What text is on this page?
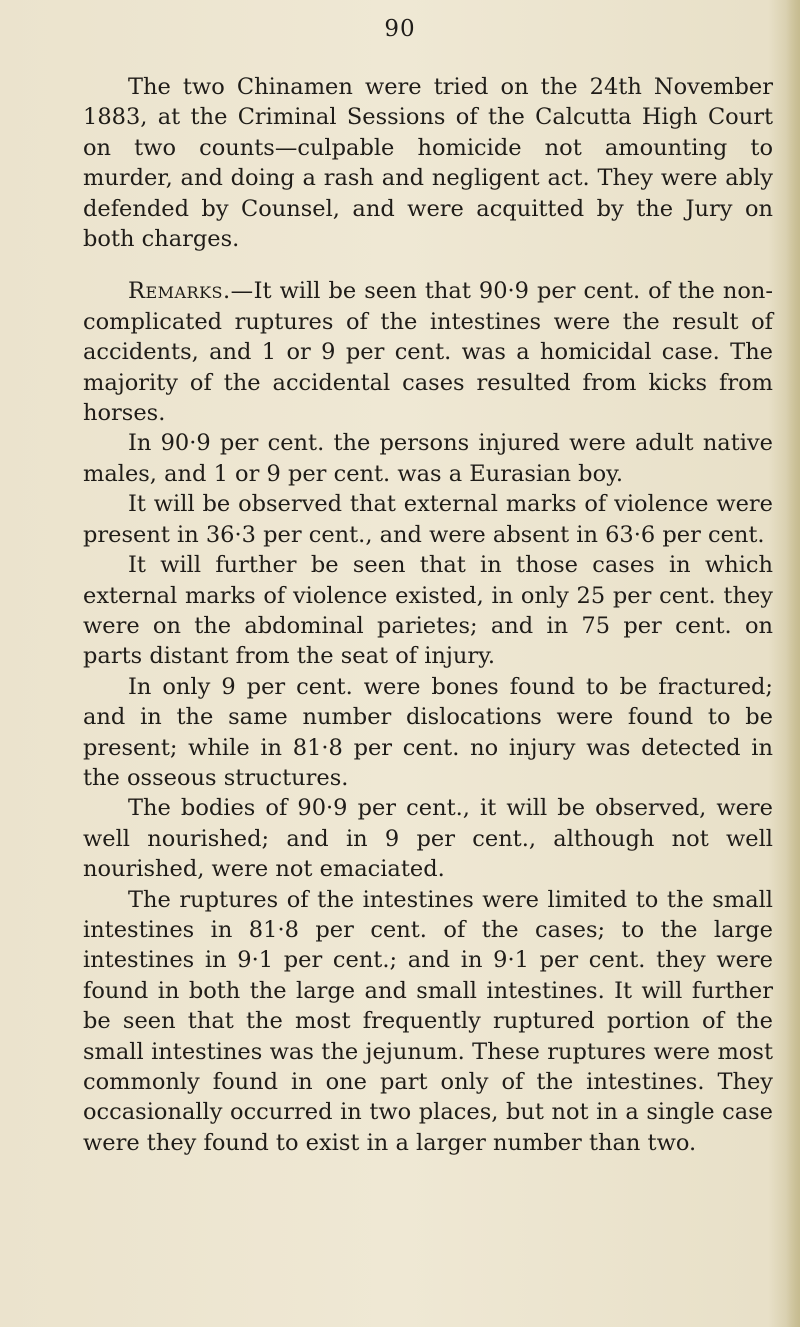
90

The two Chinamen were tried on the 24th November 1883, at the Criminal Sessions of the Calcutta High Court on two counts—culpable homicide not amounting to murder, and doing a rash and negligent act. They were ably defended by Counsel, and were acquitted by the Jury on both charges.

Remarks.—It will be seen that 90·9 per cent. of the non-complicated ruptures of the intestines were the result of accidents, and 1 or 9 per cent. was a homicidal case. The majority of the accidental cases resulted from kicks from horses.

In 90·9 per cent. the persons injured were adult native males, and 1 or 9 per cent. was a Eurasian boy.

It will be observed that external marks of violence were present in 36·3 per cent., and were absent in 63·6 per cent.

It will further be seen that in those cases in which external marks of violence existed, in only 25 per cent. they were on the abdominal parietes; and in 75 per cent. on parts distant from the seat of injury.

In only 9 per cent. were bones found to be fractured; and in the same number dislocations were found to be present; while in 81·8 per cent. no injury was detected in the osseous structures.

The bodies of 90·9 per cent., it will be observed, were well nourished; and in 9 per cent., although not well nourished, were not emaciated.

The ruptures of the intestines were limited to the small intestines in 81·8 per cent. of the cases; to the large intestines in 9·1 per cent.; and in 9·1 per cent. they were found in both the large and small intestines. It will further be seen that the most frequently ruptured portion of the small intestines was the jejunum. These ruptures were most commonly found in one part only of the intestines. They occasionally occurred in two places, but not in a single case were they found to exist in a larger number than two.
